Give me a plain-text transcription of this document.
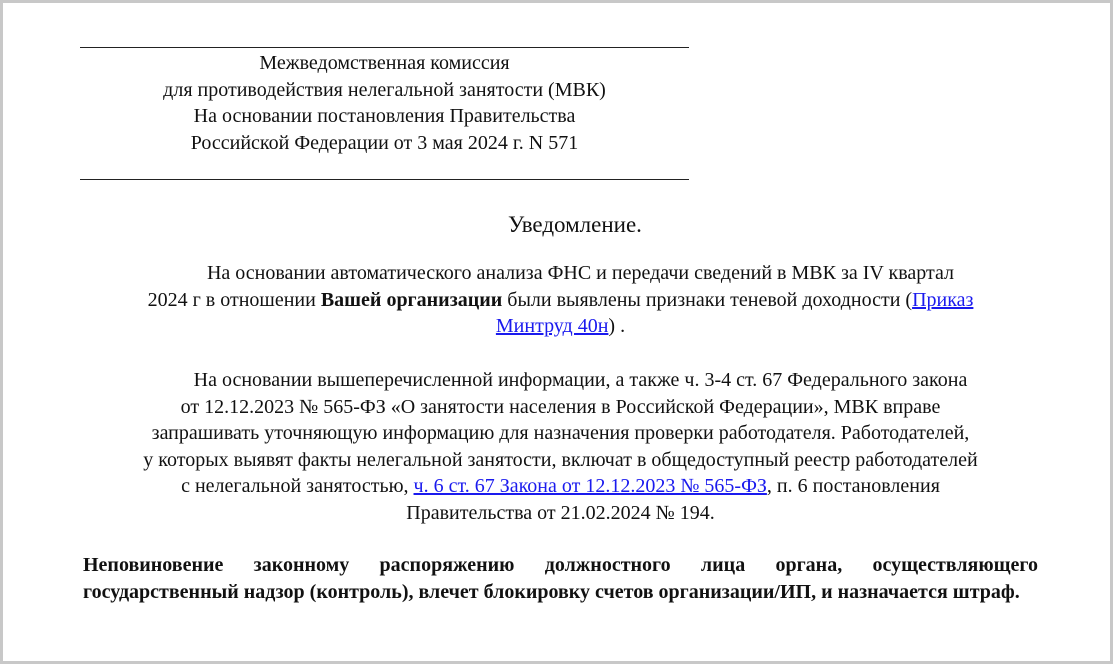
Межведомственная комиссия
для противодействия нелегальной занятости (МВК)
На основании постановления Правительства
Российской Федерации от 3 мая 2024 г. N 571
Уведомление.
На основании автоматического анализа ФНС и передачи сведений в МВК за IV квартал
2024 г в отношении Вашей организации были выявлены признаки теневой доходности (Приказ
Минтруд 40н) .
На основании вышеперечисленной информации, а также ч. 3-4 ст. 67 Федерального закона
от 12.12.2023 № 565-ФЗ «О занятости населения в Российской Федерации», МВК вправе
запрашивать уточняющую информацию для назначения проверки работодателя. Работодателей,
у которых выявят факты нелегальной занятости, включат в общедоступный реестр работодателей
с нелегальной занятостью, ч. 6 ст. 67 Закона от 12.12.2023 № 565-ФЗ, п. 6 постановления
Правительства от 21.02.2024 № 194.
Неповиновение законному распоряжению должностного лица органа, осуществляющего государственный надзор (контроль), влечет блокировку счетов организации/ИП, и назначается штраф.
